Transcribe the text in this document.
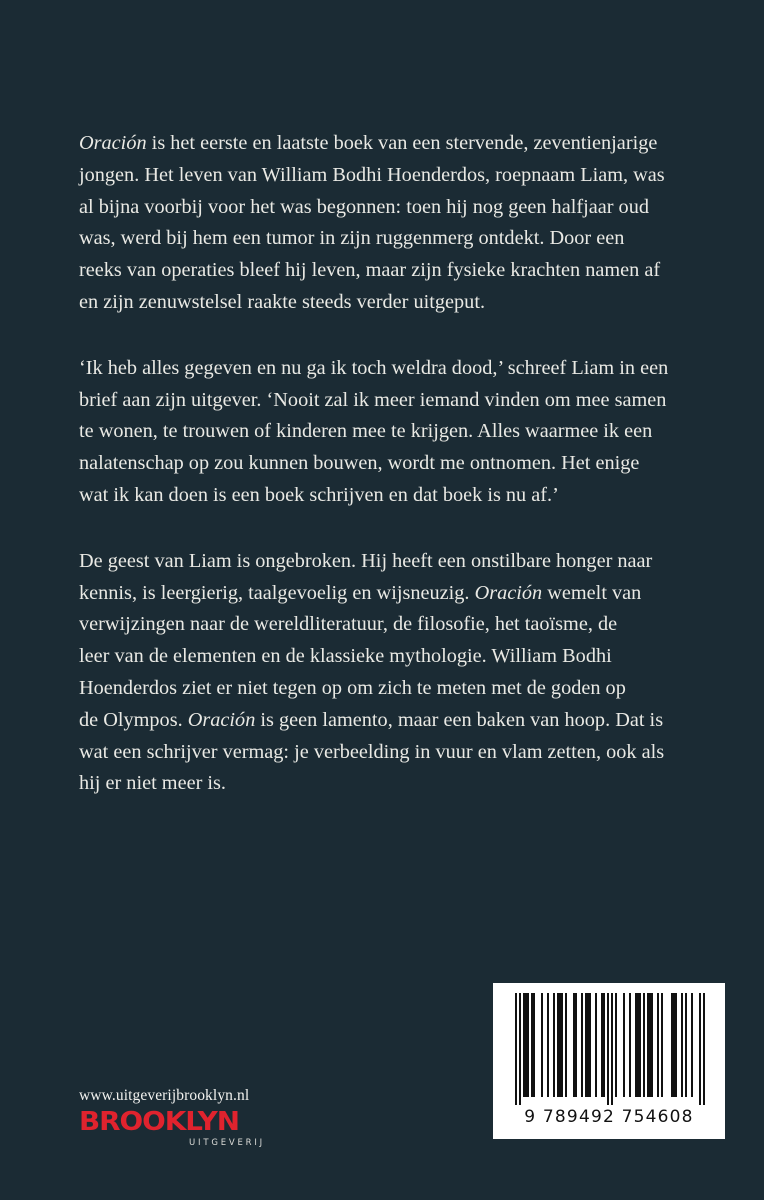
Oración is het eerste en laatste boek van een stervende, zeventienjarige
jongen. Het leven van William Bodhi Hoenderdos, roepnaam Liam, was
al bijna voorbij voor het was begonnen: toen hij nog geen halfjaar oud
was, werd bij hem een tumor in zijn ruggenmerg ontdekt. Door een
reeks van operaties bleef hij leven, maar zijn fysieke krachten namen af
en zijn zenuwstelsel raakte steeds verder uitgeput.

‘Ik heb alles gegeven en nu ga ik toch weldra dood,’ schreef Liam in een
brief aan zijn uitgever. ‘Nooit zal ik meer iemand vinden om mee samen
te wonen, te trouwen of kinderen mee te krijgen. Alles waarmee ik een
nalatenschap op zou kunnen bouwen, wordt me ontnomen. Het enige
wat ik kan doen is een boek schrijven en dat boek is nu af.’

De geest van Liam is ongebroken. Hij heeft een onstilbare honger naar
kennis, is leergierig, taalgevoelig en wijsneuzig. Oración wemelt van
verwijzingen naar de wereldliteratuur, de filosofie, het taoïsme, de
leer van de elementen en de klassieke mythologie. William Bodhi
Hoenderdos ziet er niet tegen op om zich te meten met de goden op
de Olympos. Oración is geen lamento, maar een baken van hoop. Dat is
wat een schrijver vermag: je verbeelding in vuur en vlam zetten, ook als
hij er niet meer is.

www.uitgeverijbrooklyn.nl
BROOKLYN
UITGEVERIJ
9 789492 754608
